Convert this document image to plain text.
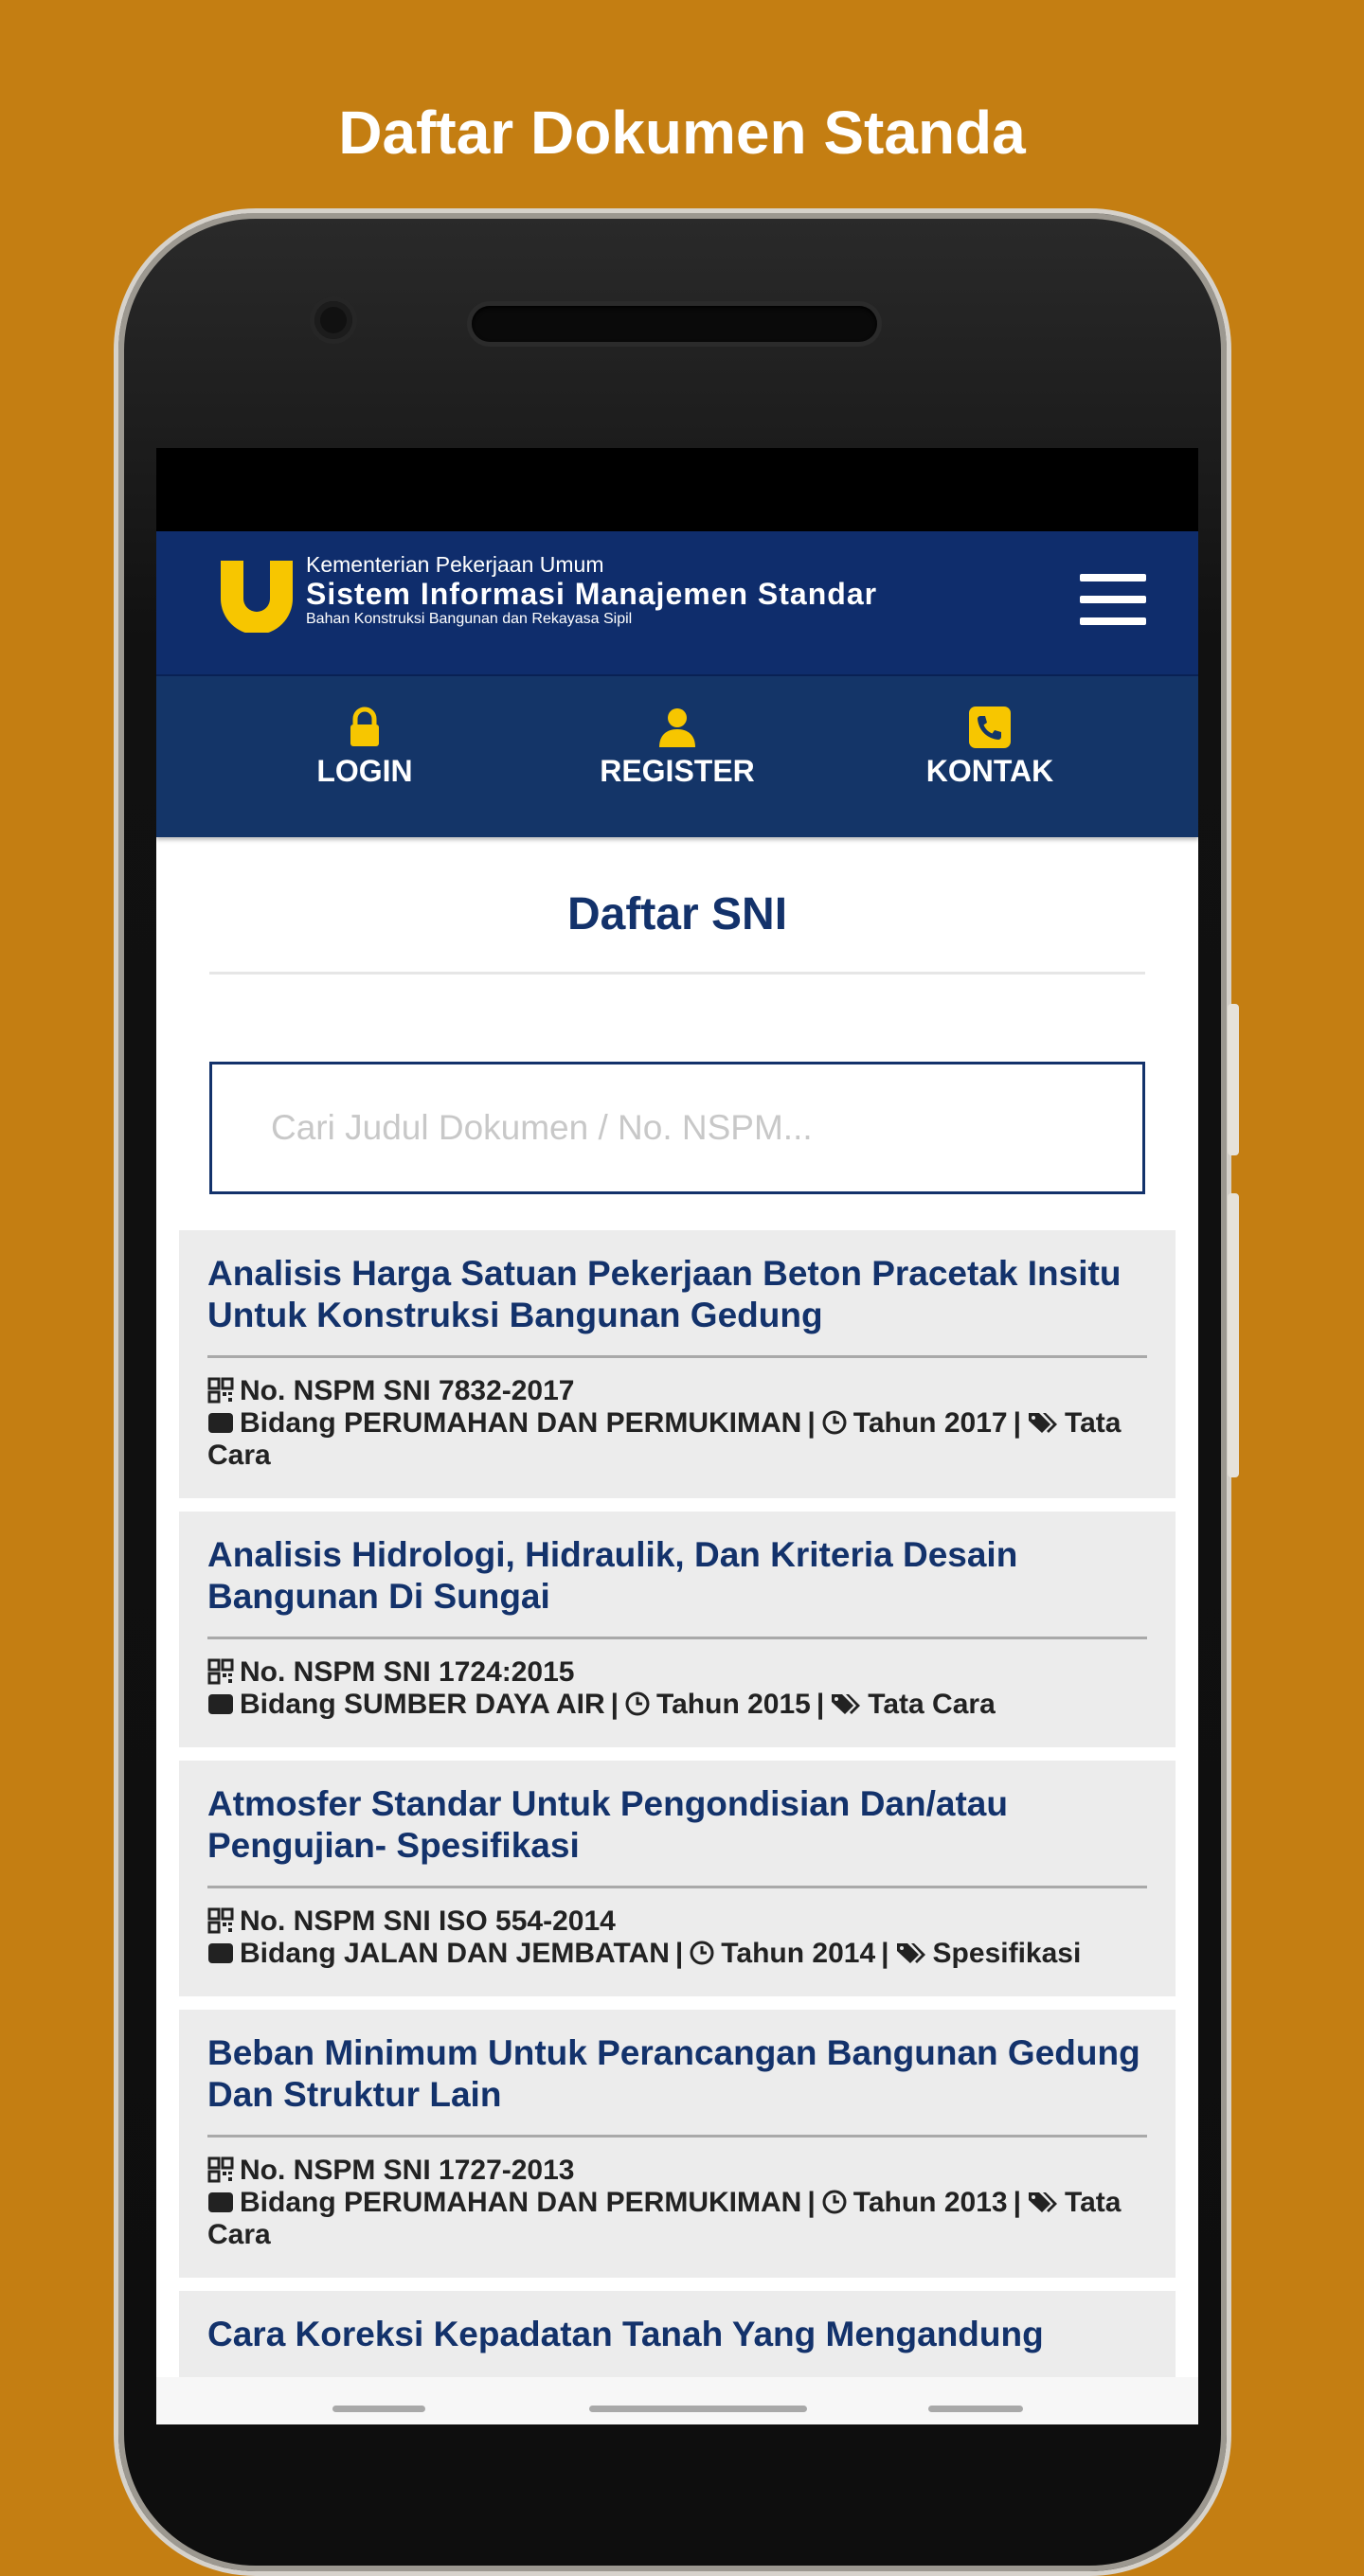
Daftar Dokumen Standa
Kementerian Pekerjaan Umum
Sistem Informasi Manajemen Standar
Bahan Konstruksi Bangunan dan Rekayasa Sipil
LOGIN	REGISTER	KONTAK
Daftar SNI
Cari Judul Dokumen / No. NSPM...
Analisis Harga Satuan Pekerjaan Beton Pracetak Insitu Untuk Konstruksi Bangunan Gedung
No. NSPM SNI 7832-2017
Bidang PERUMAHAN DAN PERMUKIMAN | Tahun 2017 | Tata Cara
Analisis Hidrologi, Hidraulik, Dan Kriteria Desain Bangunan Di Sungai
No. NSPM SNI 1724:2015
Bidang SUMBER DAYA AIR | Tahun 2015 | Tata Cara
Atmosfer Standar Untuk Pengondisian Dan/atau Pengujian- Spesifikasi
No. NSPM SNI ISO 554-2014
Bidang JALAN DAN JEMBATAN | Tahun 2014 | Spesifikasi
Beban Minimum Untuk Perancangan Bangunan Gedung Dan Struktur Lain
No. NSPM SNI 1727-2013
Bidang PERUMAHAN DAN PERMUKIMAN | Tahun 2013 | Tata Cara
Cara Koreksi Kepadatan Tanah Yang Mengandung
